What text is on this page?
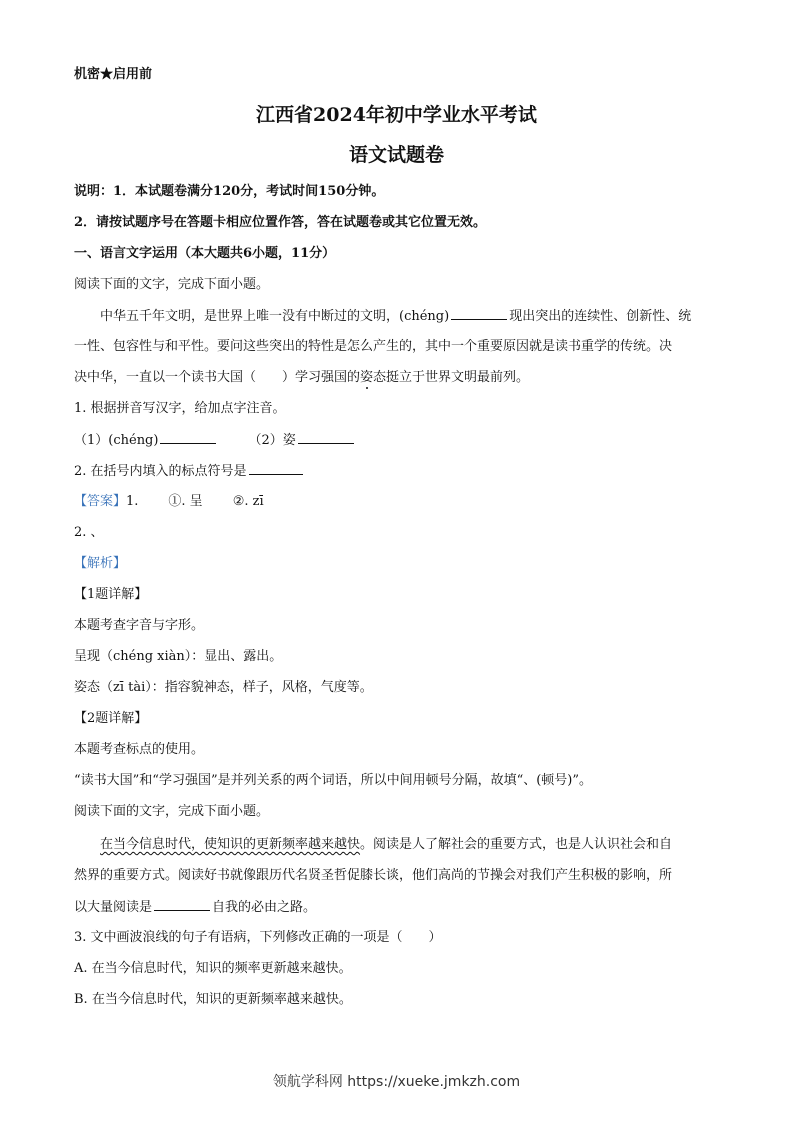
机密★启用前
江西省2024年初中学业水平考试
语文试题卷
说明：1．本试题卷满分120分，考试时间150分钟。
2．请按试题序号在答题卡相应位置作答，答在试题卷或其它位置无效。
一、语言文字运用（本大题共6小题，11分）
阅读下面的文字，完成下面小题。
中华五千年文明，是世界上唯一没有中断过的文明，(chéng)	现出突出的连续性、创新性、统
一性、包容性与和平性。要问这些突出的特性是怎么产生的，其中一个重要原因就是读书重学的传统。决
决中华，一直以一个读书大国（ ）学习强国的姿态挺立于世界文明最前列。
1. 根据拼音写汉字，给加点字注音。
（1）(chéng)	（2）姿
2. 在括号内填入的标点符号是
【答案】1. ①. 呈 ②. zī
2. 、
【解析】
【1题详解】
本题考查字音与字形。
呈现（chéng xiàn）：显出、露出。
姿态（zī tài）：指容貌神态，样子，风格，气度等。
【2题详解】
本题考查标点的使用。
“读书大国”和“学习强国”是并列关系的两个词语，所以中间用顿号分隔，故填“、(顿号)”。
阅读下面的文字，完成下面小题。
在当今信息时代，使知识的更新频率越来越快。阅读是人了解社会的重要方式，也是人认识社会和自
然界的重要方式。阅读好书就像跟历代名贤圣哲促膝长谈，他们高尚的节操会对我们产生积极的影响，所
以大量阅读是	自我的必由之路。
3. 文中画波浪线的句子有语病，下列修改正确的一项是（　　）
A. 在当今信息时代，知识的频率更新越来越快。
B. 在当今信息时代，知识的更新频率越来越快。
领航学科网 https://xueke.jmkzh.com
